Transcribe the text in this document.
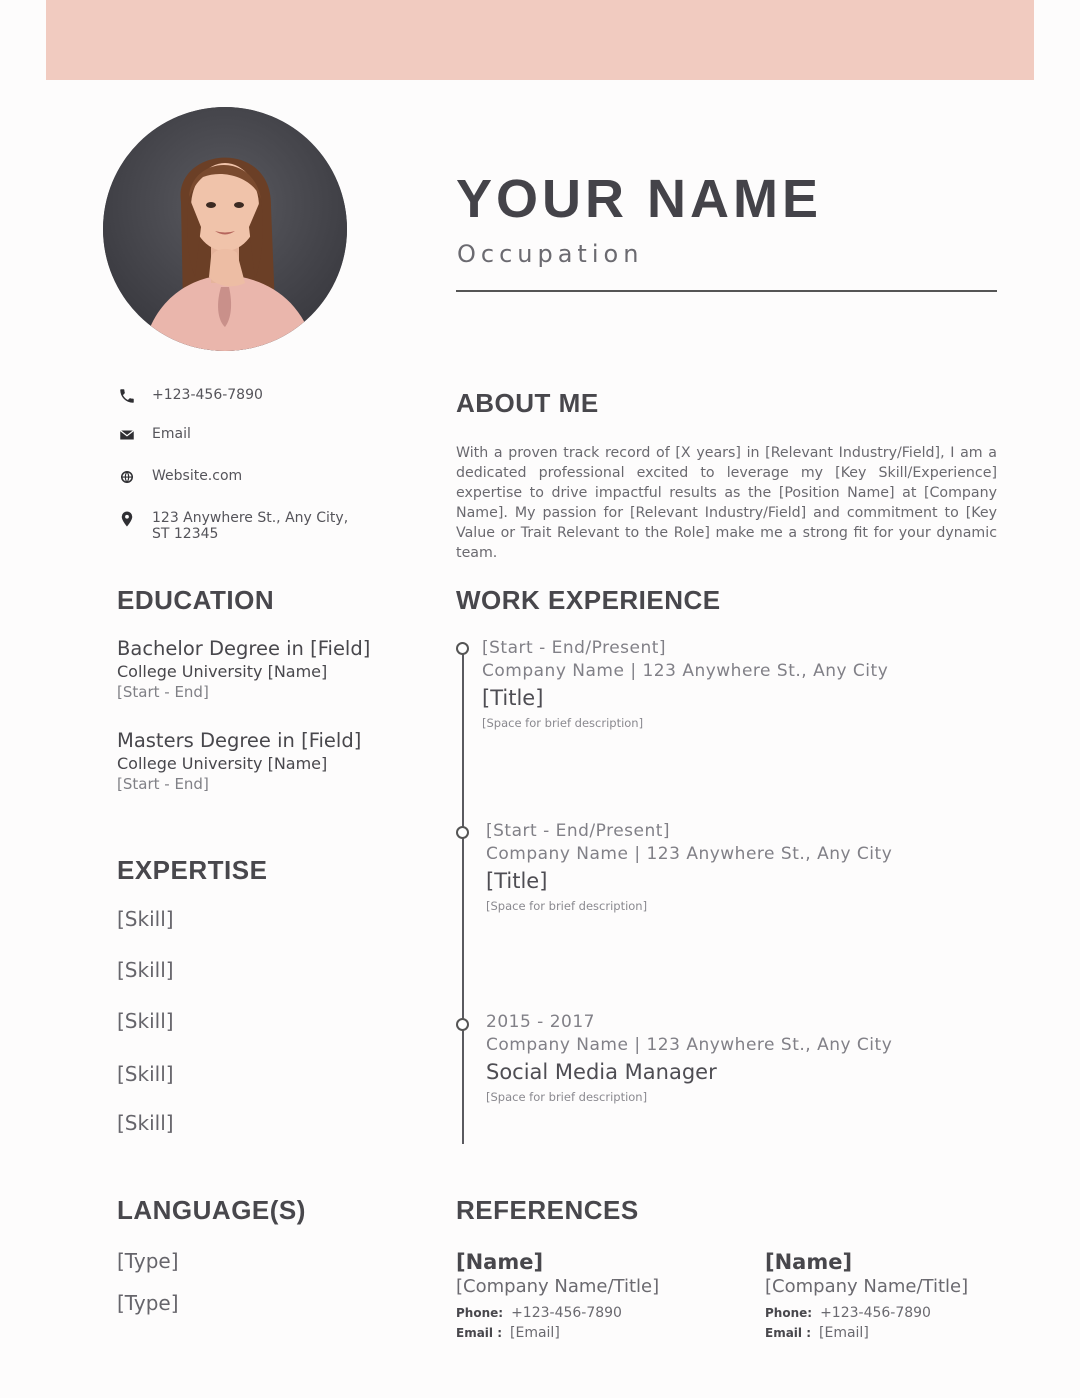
YOUR NAME
Occupation
+123-456-7890
Email
Website.com
123 Anywhere St., Any City,
ST 12345
ABOUT ME
With a proven track record of [X years] in [Relevant Industry/Field], I am a dedicated professional excited to leverage my [Key Skill/Experience] expertise to drive impactful results as the [Position Name] at [Company Name]. My passion for [Relevant Industry/Field] and commitment to [Key Value or Trait Relevant to the Role] make me a strong fit for your dynamic team.
EDUCATION
Bachelor Degree in [Field]
College University [Name]
[Start - End]
Masters Degree in [Field]
College University [Name]
[Start - End]
EXPERTISE
[Skill]
[Skill]
[Skill]
[Skill]
[Skill]
LANGUAGE(S)
[Type]
[Type]
WORK EXPERIENCE
[Start - End/Present]
Company Name | 123 Anywhere St., Any City
[Title]
[Space for brief description]
[Start - End/Present]
Company Name | 123 Anywhere St., Any City
[Title]
[Space for brief description]
2015 - 2017
Company Name | 123 Anywhere St., Any City
Social Media Manager
[Space for brief description]
REFERENCES
[Name]
[Company Name/Title]
Phone: +123-456-7890
Email : [Email]
[Name]
[Company Name/Title]
Phone: +123-456-7890
Email : [Email]
